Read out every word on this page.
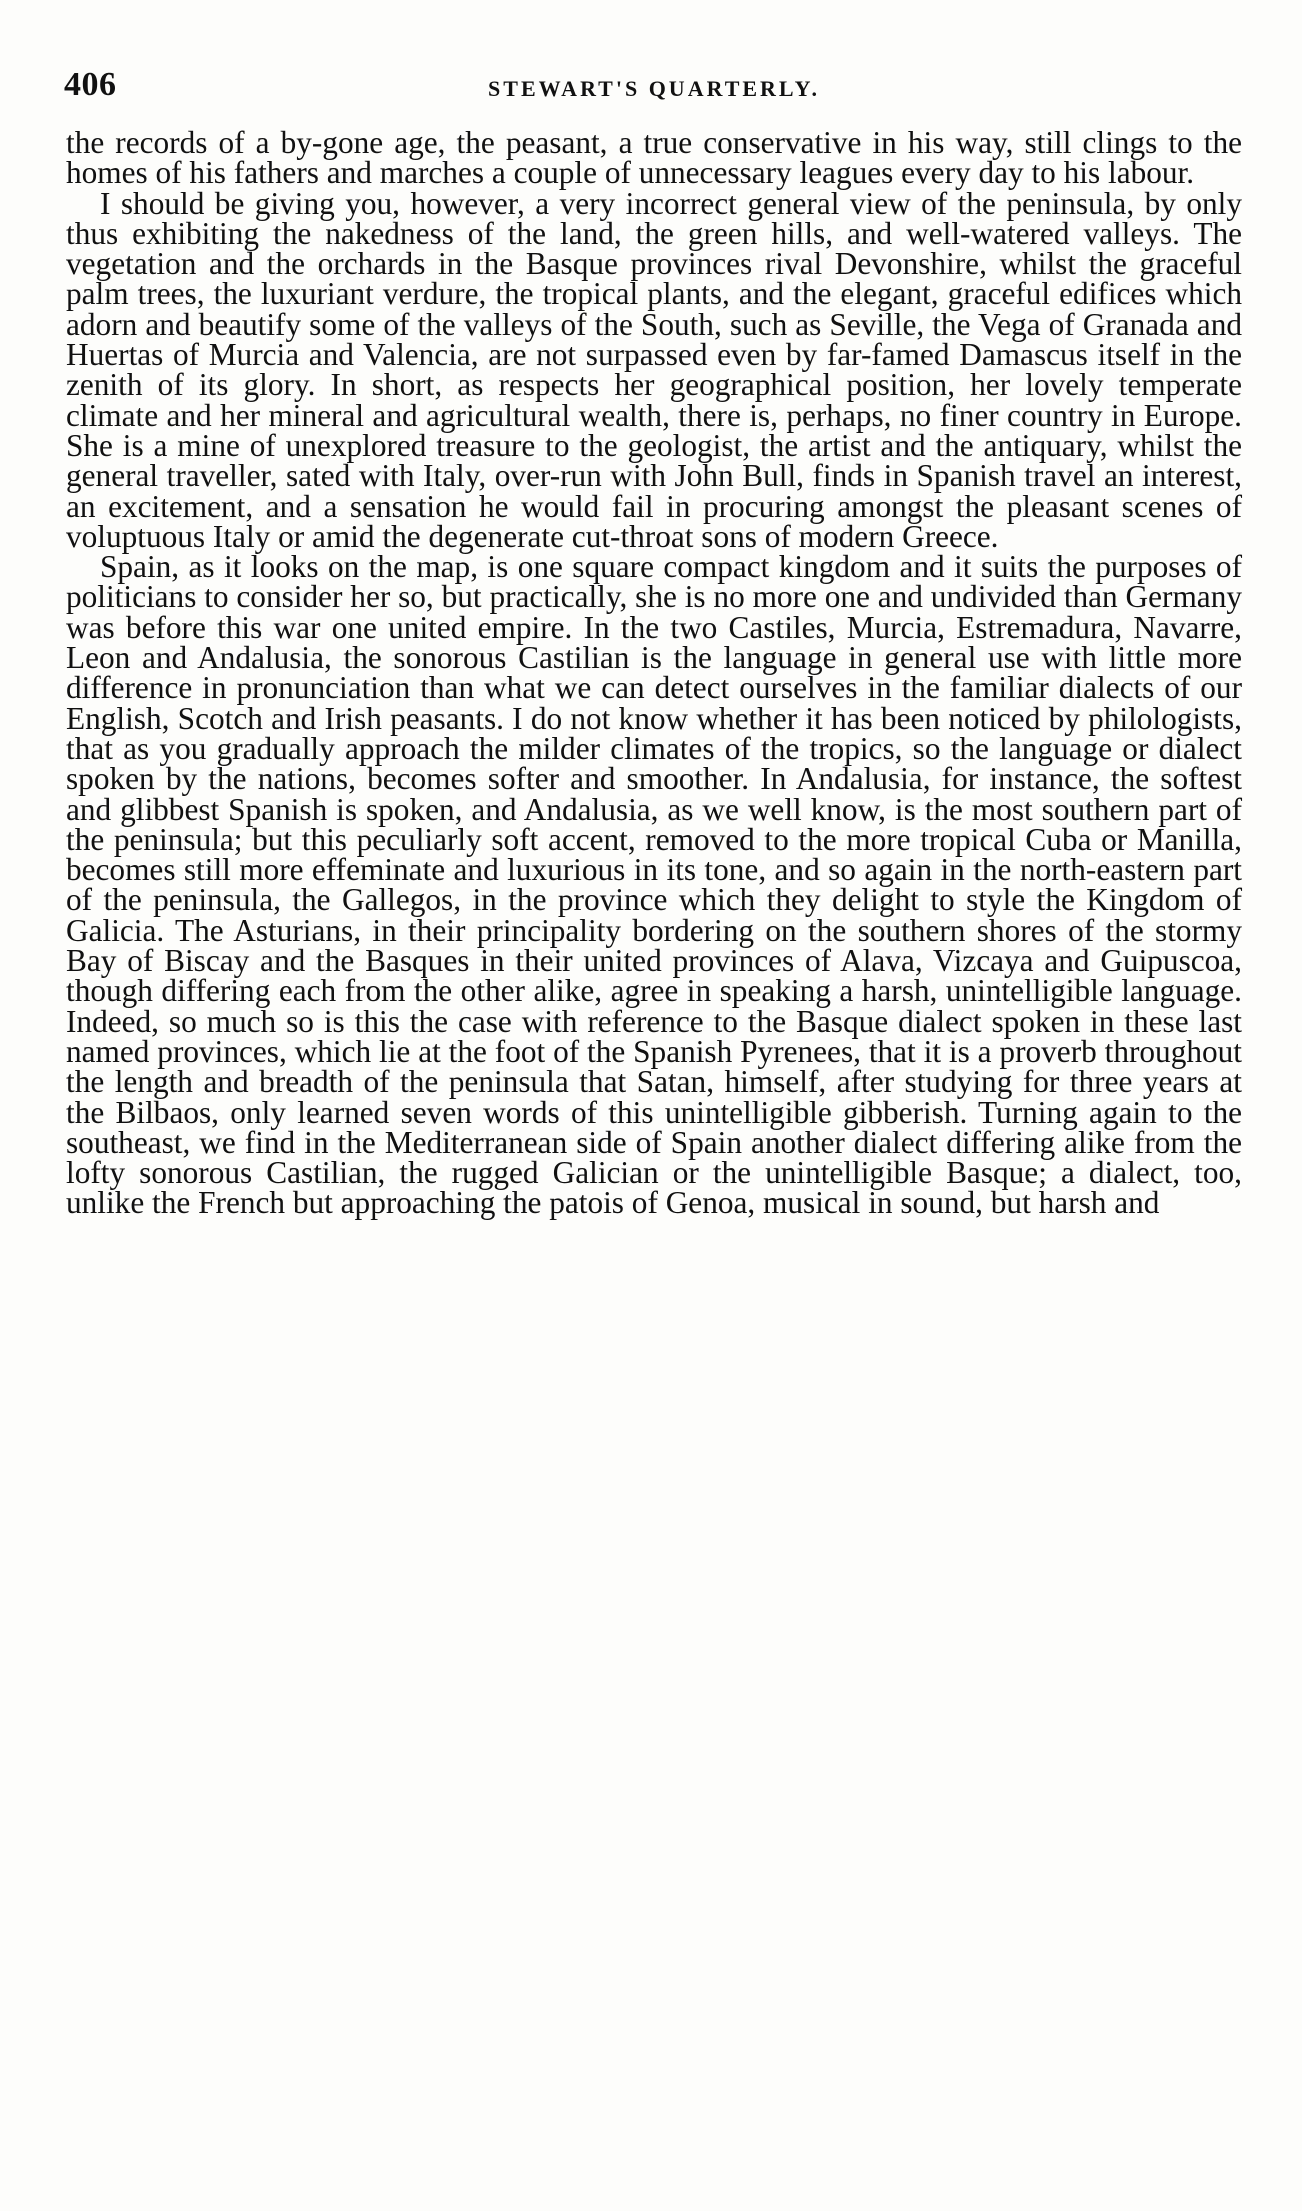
406	STEWART'S QUARTERLY.

the records of a by-gone age, the peasant, a true conservative in his way, still clings to the homes of his fathers and marches a couple of unnecessary leagues every day to his labour.

I should be giving you, however, a very incorrect general view of the peninsula, by only thus exhibiting the nakedness of the land, the green hills, and well-watered valleys. The vegetation and the orchards in the Basque provinces rival Devonshire, whilst the graceful palm trees, the luxuriant verdure, the tropical plants, and the elegant, graceful edifices which adorn and beautify some of the valleys of the South, such as Seville, the Vega of Granada and Huertas of Murcia and Valencia, are not surpassed even by far-famed Damascus itself in the zenith of its glory. In short, as respects her geographical position, her lovely temperate climate and her mineral and agricultural wealth, there is, perhaps, no finer country in Europe. She is a mine of unexplored treasure to the geologist, the artist and the antiquary, whilst the general traveller, sated with Italy, over-run with John Bull, finds in Spanish travel an interest, an excitement, and a sensation he would fail in procuring amongst the pleasant scenes of voluptuous Italy or amid the degenerate cut-throat sons of modern Greece.

Spain, as it looks on the map, is one square compact kingdom and it suits the purposes of politicians to consider her so, but practically, she is no more one and undivided than Germany was before this war one united empire. In the two Castiles, Murcia, Estremadura, Navarre, Leon and Andalusia, the sonorous Castilian is the language in general use with little more difference in pronunciation than what we can detect ourselves in the familiar dialects of our English, Scotch and Irish peasants. I do not know whether it has been noticed by philologists, that as you gradually approach the milder climates of the tropics, so the language or dialect spoken by the nations, becomes softer and smoother. In Andalusia, for instance, the softest and glibbest Spanish is spoken, and Andalusia, as we well know, is the most southern part of the peninsula; but this peculiarly soft accent, removed to the more tropical Cuba or Manilla, becomes still more effeminate and luxurious in its tone, and so again in the north-eastern part of the peninsula, the Gallegos, in the province which they delight to style the Kingdom of Galicia. The Asturians, in their principality bordering on the southern shores of the stormy Bay of Biscay and the Basques in their united provinces of Alava, Vizcaya and Guipuscoa, though differing each from the other alike, agree in speaking a harsh, unintelligible language. Indeed, so much so is this the case with reference to the Basque dialect spoken in these last named provinces, which lie at the foot of the Spanish Pyrenees, that it is a proverb throughout the length and breadth of the peninsula that Satan, himself, after studying for three years at the Bilbaos, only learned seven words of this unintelligible gibberish. Turning again to the southeast, we find in the Mediterranean side of Spain another dialect differing alike from the lofty sonorous Castilian, the rugged Galician or the unintelligible Basque; a dialect, too, unlike the French but approaching the patois of Genoa, musical in sound, but harsh and
